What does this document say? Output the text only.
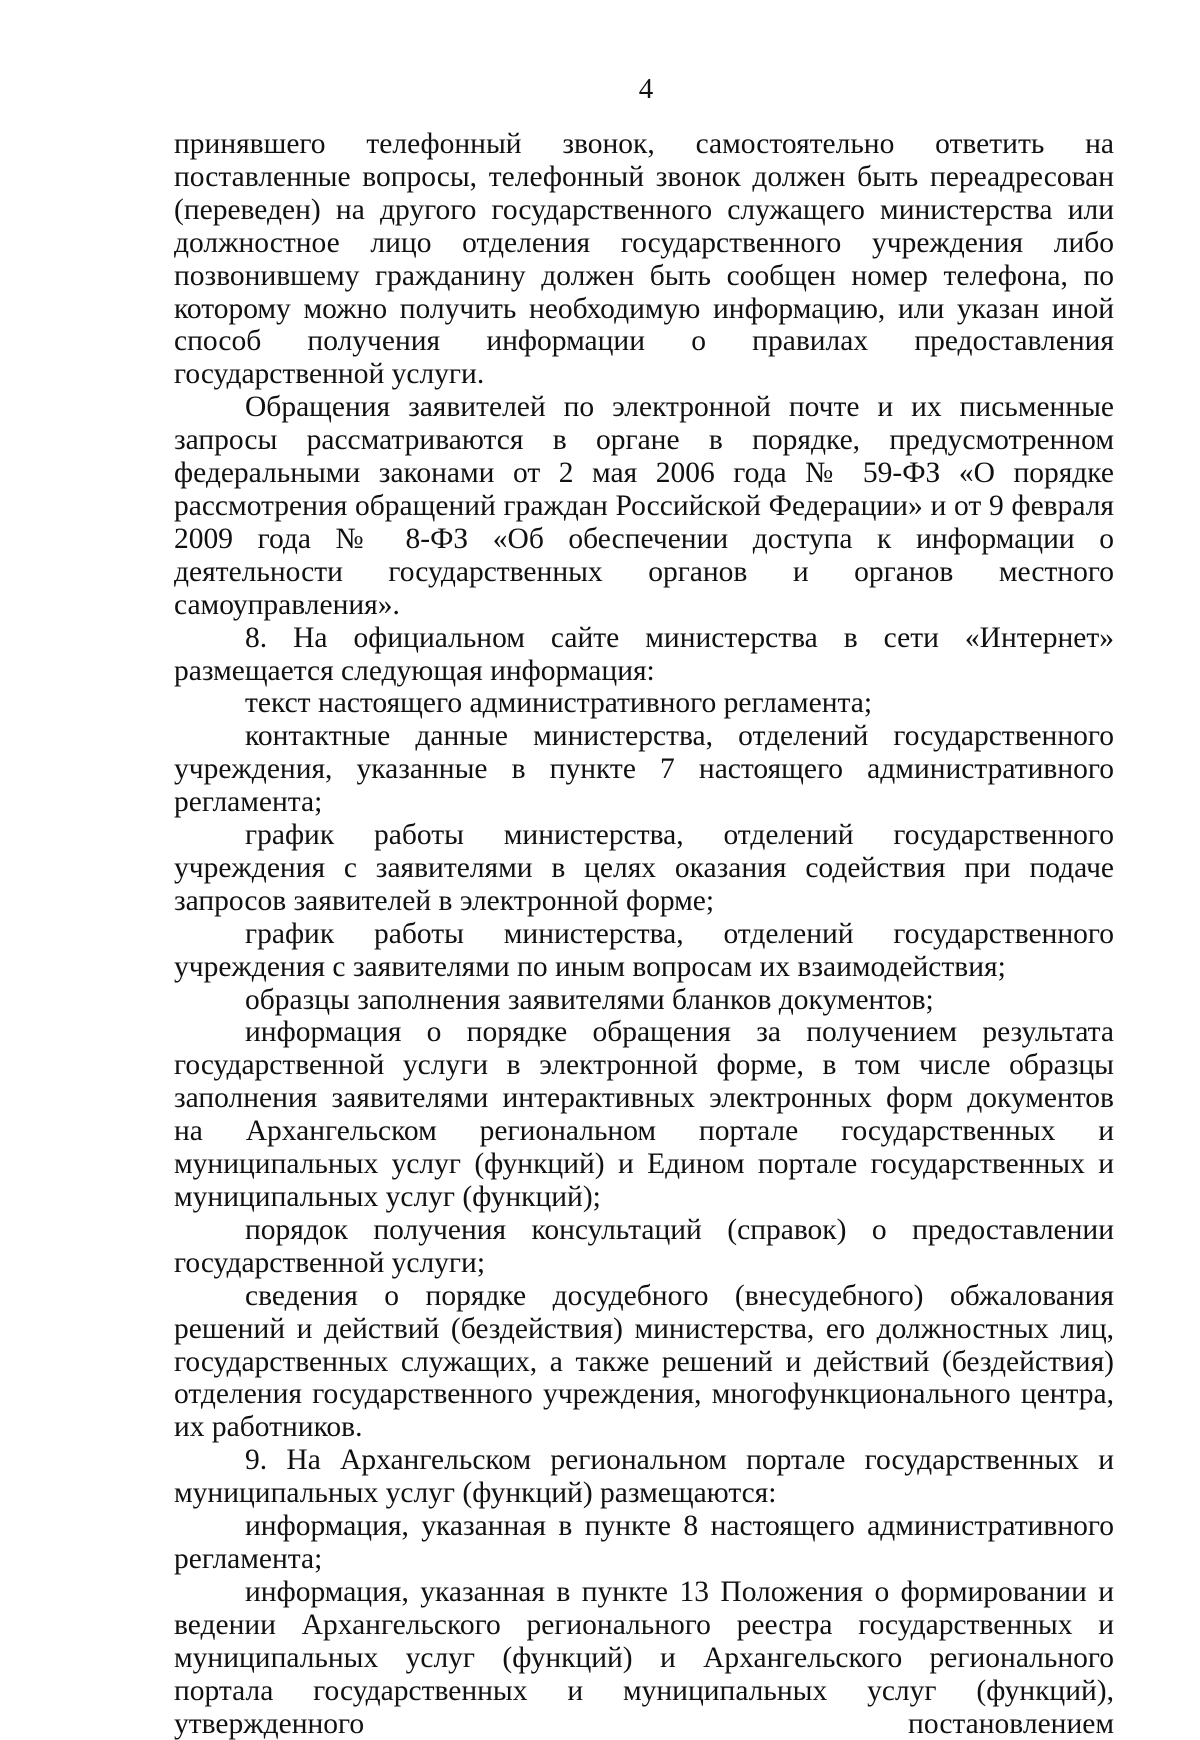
4

принявшего телефонный звонок, самостоятельно ответить на поставленные вопросы, телефонный звонок должен быть переадресован (переведен) на другого государственного служащего министерства или должностное лицо отделения государственного учреждения либо позвонившему гражданину должен быть сообщен номер телефона, по которому можно получить необходимую информацию, или указан иной способ получения информации о правилах предоставления государственной услуги.

Обращения заявителей по электронной почте и их письменные запросы рассматриваются в органе в порядке, предусмотренном федеральными законами от 2 мая 2006 года № 59-ФЗ «О порядке рассмотрения обращений граждан Российской Федерации» и от 9 февраля 2009 года № 8-ФЗ «Об обеспечении доступа к информации о деятельности государственных органов и органов местного самоуправления».

8. На официальном сайте министерства в сети «Интернет» размещается следующая информация:

текст настоящего административного регламента;

контактные данные министерства, отделений государственного учреждения, указанные в пункте 7 настоящего административного регламента;

график работы министерства, отделений государственного учреждения с заявителями в целях оказания содействия при подаче запросов заявителей в электронной форме;

график работы министерства, отделений государственного учреждения с заявителями по иным вопросам их взаимодействия;

образцы заполнения заявителями бланков документов;

информация о порядке обращения за получением результата государственной услуги в электронной форме, в том числе образцы заполнения заявителями интерактивных электронных форм документов на Архангельском региональном портале государственных и муниципальных услуг (функций) и Едином портале государственных и муниципальных услуг (функций);

порядок получения консультаций (справок) о предоставлении государственной услуги;

сведения о порядке досудебного (внесудебного) обжалования решений и действий (бездействия) министерства, его должностных лиц, государственных служащих, а также решений и действий (бездействия) отделения государственного учреждения, многофункционального центра, их работников.

9. На Архангельском региональном портале государственных и муниципальных услуг (функций) размещаются:

информация, указанная в пункте 8 настоящего административного регламента;

информация, указанная в пункте 13 Положения о формировании и ведении Архангельского регионального реестра государственных и муниципальных услуг (функций) и Архангельского регионального портала государственных и муниципальных услуг (функций), утвержденного постановлением
